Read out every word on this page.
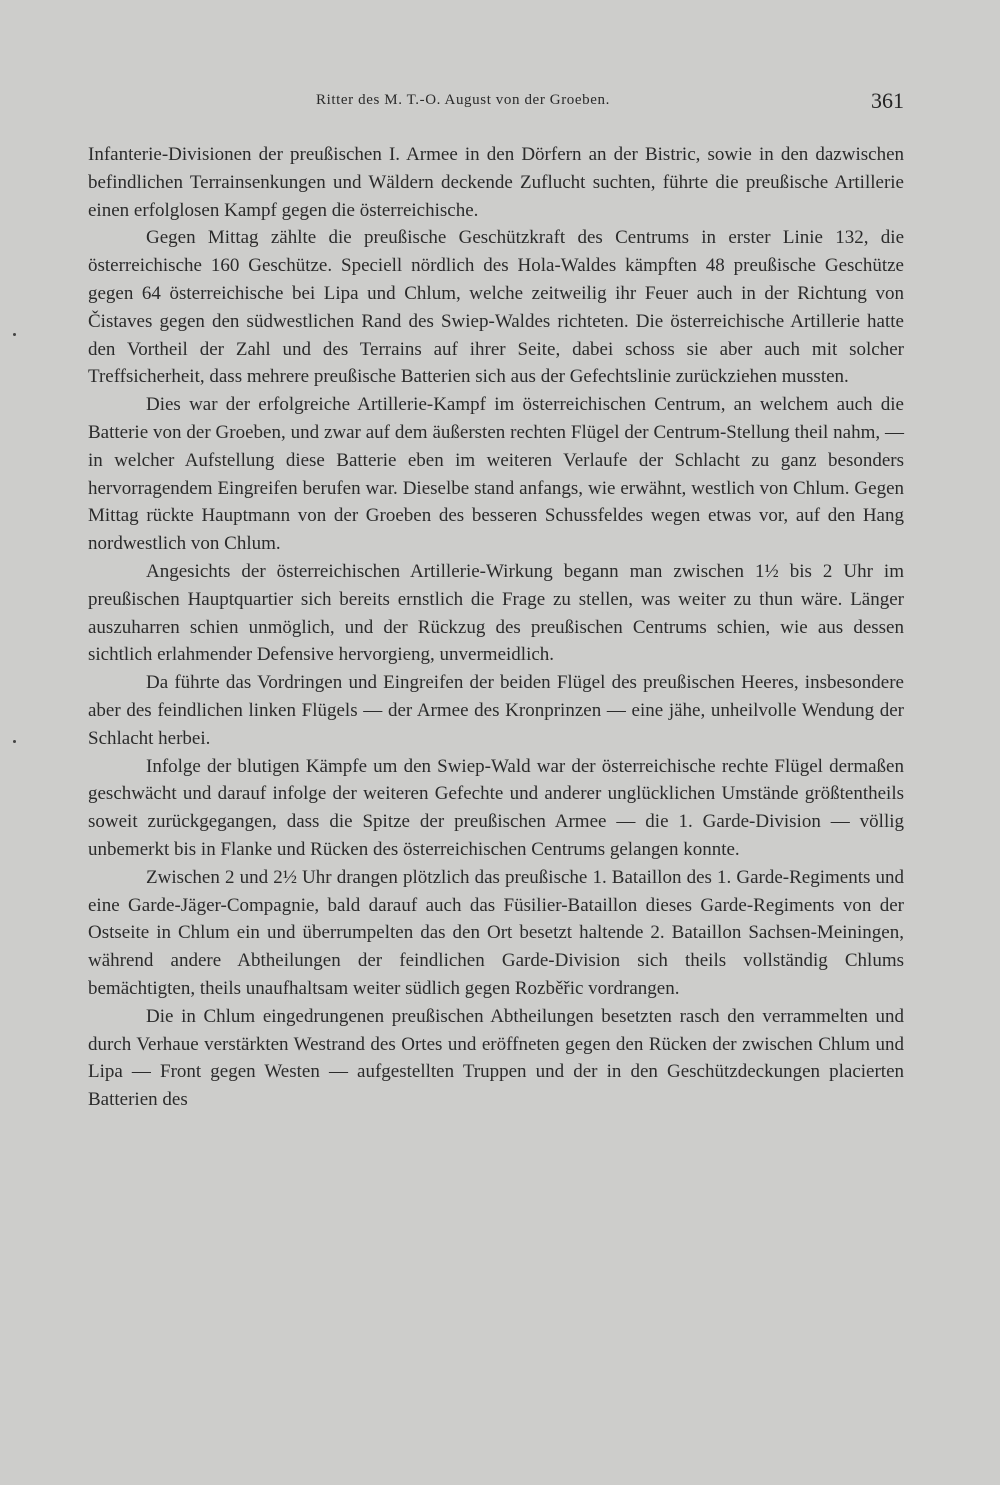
Ritter des M. T.-O. August von der Groeben.	361

Infanterie-Divisionen der preußischen I. Armee in den Dörfern an der Bistric, sowie in den dazwischen befindlichen Terrainsenkungen und Wäldern deckende Zuflucht suchten, führte die preußische Artillerie einen erfolglosen Kampf gegen die österreichische.

Gegen Mittag zählte die preußische Geschützkraft des Centrums in erster Linie 132, die österreichische 160 Geschütze. Speciell nördlich des Hola-Waldes kämpften 48 preußische Geschütze gegen 64 österreichische bei Lipa und Chlum, welche zeitweilig ihr Feuer auch in der Richtung von Čistaves gegen den südwestlichen Rand des Swiep-Waldes richteten. Die österreichische Artillerie hatte den Vortheil der Zahl und des Terrains auf ihrer Seite, dabei schoss sie aber auch mit solcher Treffsicherheit, dass mehrere preußische Batterien sich aus der Gefechtslinie zurückziehen mussten.

Dies war der erfolgreiche Artillerie-Kampf im österreichischen Centrum, an welchem auch die Batterie von der Groeben, und zwar auf dem äußersten rechten Flügel der Centrum-Stellung theil nahm, — in welcher Aufstellung diese Batterie eben im weiteren Verlaufe der Schlacht zu ganz besonders hervorragendem Eingreifen berufen war. Dieselbe stand anfangs, wie erwähnt, westlich von Chlum. Gegen Mittag rückte Hauptmann von der Groeben des besseren Schussfeldes wegen etwas vor, auf den Hang nordwestlich von Chlum.

Angesichts der österreichischen Artillerie-Wirkung begann man zwischen 1½ bis 2 Uhr im preußischen Hauptquartier sich bereits ernstlich die Frage zu stellen, was weiter zu thun wäre. Länger auszuharren schien unmöglich, und der Rückzug des preußischen Centrums schien, wie aus dessen sichtlich erlahmender Defensive hervorgieng, unvermeidlich.

Da führte das Vordringen und Eingreifen der beiden Flügel des preußischen Heeres, insbesondere aber des feindlichen linken Flügels — der Armee des Kronprinzen — eine jähe, unheilvolle Wendung der Schlacht herbei.

Infolge der blutigen Kämpfe um den Swiep-Wald war der österreichische rechte Flügel dermaßen geschwächt und darauf infolge der weiteren Gefechte und anderer unglücklichen Umstände größtentheils soweit zurückgegangen, dass die Spitze der preußischen Armee — die 1. Garde-Division — völlig unbemerkt bis in Flanke und Rücken des österreichischen Centrums gelangen konnte.

Zwischen 2 und 2½ Uhr drangen plötzlich das preußische 1. Bataillon des 1. Garde-Regiments und eine Garde-Jäger-Compagnie, bald darauf auch das Füsilier-Bataillon dieses Garde-Regiments von der Ostseite in Chlum ein und überrumpelten das den Ort besetzt haltende 2. Bataillon Sachsen-Meiningen, während andere Abtheilungen der feindlichen Garde-Division sich theils vollständig Chlums bemächtigten, theils unaufhaltsam weiter südlich gegen Rozběřic vordrangen.

Die in Chlum eingedrungenen preußischen Abtheilungen besetzten rasch den verrammelten und durch Verhaue verstärkten Westrand des Ortes und eröffneten gegen den Rücken der zwischen Chlum und Lipa — Front gegen Westen — aufgestellten Truppen und der in den Geschützdeckungen placierten Batterien des
